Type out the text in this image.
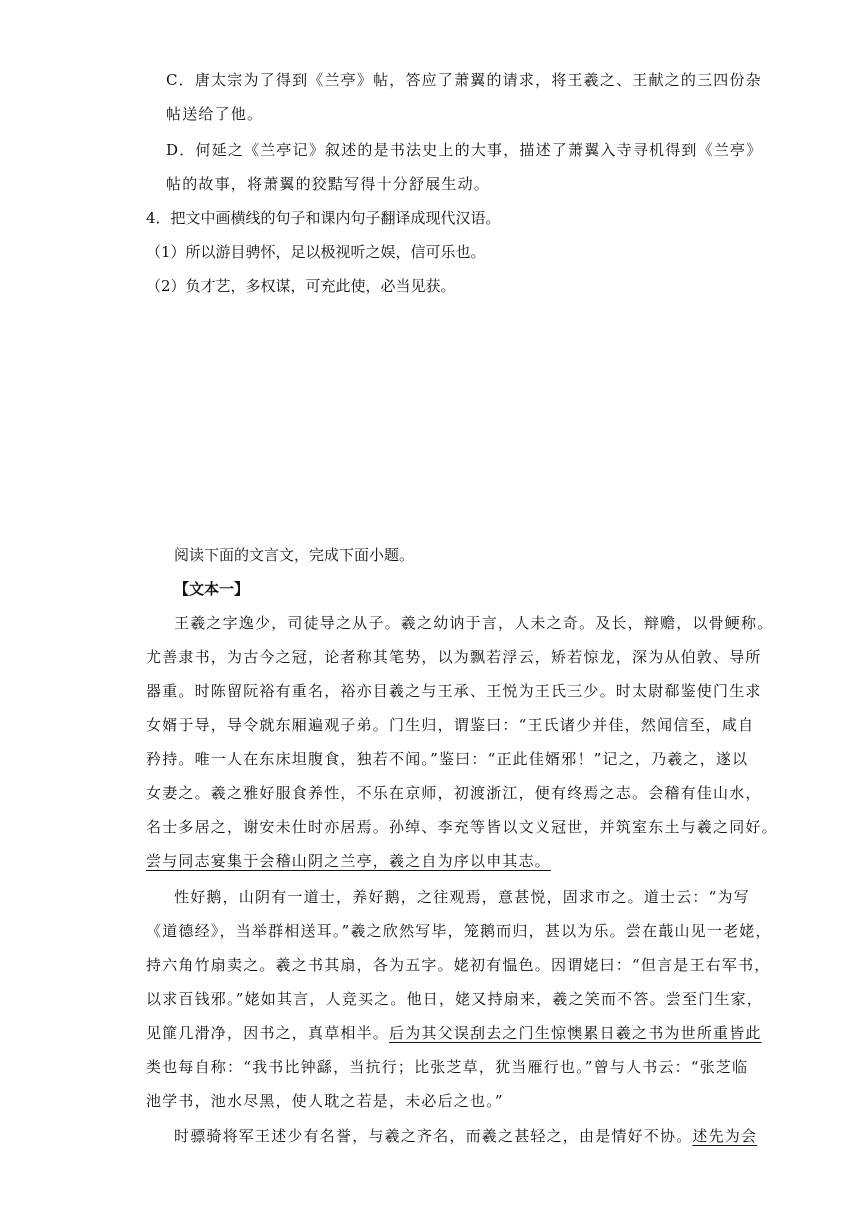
C．唐太宗为了得到《兰亭》帖，答应了萧翼的请求，将王羲之、王献之的三四份杂
帖送给了他。
D．何延之《兰亭记》叙述的是书法史上的大事，描述了萧翼入寺寻机得到《兰亭》
帖的故事，将萧翼的狡黠写得十分舒展生动。
4．把文中画横线的句子和课内句子翻译成现代汉语。
（1）所以游目骋怀，足以极视听之娱，信可乐也。
（2）负才艺，多权谋，可充此使，必当见获。
阅读下面的文言文，完成下面小题。
【文本一】
王羲之字逸少，司徒导之从子。羲之幼讷于言，人未之奇。及长，辩赡，以骨鲠称。
尤善隶书，为古今之冠，论者称其笔势，以为飘若浮云，矫若惊龙，深为从伯敦、导所
器重。时陈留阮裕有重名，裕亦目羲之与王承、王悦为王氏三少。时太尉郗鉴使门生求
女婿于导，导令就东厢遍观子弟。门生归，谓鉴曰：“王氏诸少并佳，然闻信至，咸自
矜持。唯一人在东床坦腹食，独若不闻。”鉴曰：“正此佳婿邪！”记之，乃羲之，遂以
女妻之。羲之雅好服食养性，不乐在京师，初渡浙江，便有终焉之志。会稽有佳山水，
名士多居之，谢安未仕时亦居焉。孙绰、李充等皆以文义冠世，并筑室东土与羲之同好。
尝与同志宴集于会稽山阴之兰亭，羲之自为序以申其志。
性好鹅，山阴有一道士，养好鹅，之往观焉，意甚悦，固求市之。道士云：“为写
《道德经》，当举群相送耳。”羲之欣然写毕，笼鹅而归，甚以为乐。尝在蕺山见一老姥，
持六角竹扇卖之。羲之书其扇，各为五字。姥初有愠色。因谓姥曰：“但言是王右军书，
以求百钱邪。”姥如其言，人竞买之。他日，姥又持扇来，羲之笑而不答。尝至门生家，
见篚几滑净，因书之，真草相半。后为其父误刮去之门生惊懊累日羲之书为世所重皆此
类也每自称：“我书比钟繇，当抗行；比张芝草，犹当雁行也。”曾与人书云：“张芝临
池学书，池水尽黑，使人耽之若是，未必后之也。”
时骠骑将军王述少有名誉，与羲之齐名，而羲之甚轻之，由是情好不协。述先为会
